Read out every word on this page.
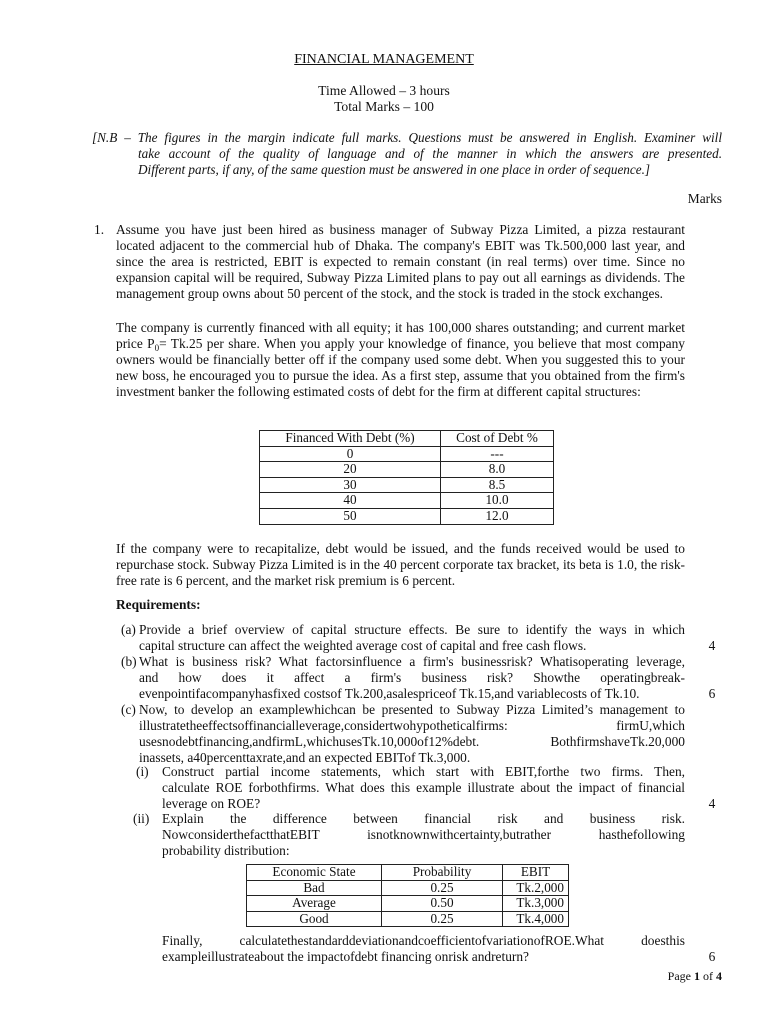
FINANCIAL MANAGEMENT
Time Allowed – 3 hours
Total Marks – 100
[N.B – The figures in the margin indicate full marks. Questions must be answered in English. Examiner will
take account of the quality of language and of the manner in which the answers are presented.
Different parts, if any, of the same question must be answered in one place in order of sequence.]
Marks
1. Assume you have just been hired as business manager of Subway Pizza Limited, a pizza restaurant located adjacent to the commercial hub of Dhaka. The company's EBIT was Tk.500,000 last year, and since the area is restricted, EBIT is expected to remain constant (in real terms) over time. Since no expansion capital will be required, Subway Pizza Limited plans to pay out all earnings as dividends. The management group owns about 50 percent of the stock, and the stock is traded in the stock exchanges.
The company is currently financed with all equity; it has 100,000 shares outstanding; and current market price $P_0= Tk.25$ per share. When you apply your knowledge of finance, you believe that most company owners would be financially better off if the company used some debt. When you suggested this to your new boss, he encouraged you to pursue the idea. As a first step, assume that you obtained from the firm's investment banker the following estimated costs of debt for the firm at different capital structures:
Financed With Debt (%)	Cost of Debt %
0	---
20	8.0
30	8.5
40	10.0
50	12.0
If the company were to recapitalize, debt would be issued, and the funds received would be used to repurchase stock. Subway Pizza Limited is in the 40 percent corporate tax bracket, its beta is 1.0, the risk-free rate is 6 percent, and the market risk premium is 6 percent.
Requirements:
(a) Provide a brief overview of capital structure effects. Be sure to identify the ways in which
capital structure can affect the weighted average cost of capital and free cash flows.	4
(b) What is business risk? What factorsinfluence a firm's businessrisk? Whatisoperating leverage,
and how does it affect a firm's business risk? Showthe operatingbreak-
evenpointifacompanyhasfixed costsof Tk.200,asalespriceof Tk.15,and variablecosts of Tk.10.	6
(c) Now, to develop an examplewhichcan be presented to Subway Pizza Limited’s management to
illustratetheeffectsoffinancialleverage,considertwohypotheticalfirms: firmU,which
usesnodebtfinancing,andfirmL,whichusesTk.10,000of12%debt. BothfirmshaveTk.20,000
inassets, a40percenttaxrate,and an expected EBITof Tk.3,000.
(i) Construct partial income statements, which start with EBIT,forthe two firms. Then,
calculate ROE forbothfirms. What does this example illustrate about the impact of financial
leverage on ROE?	4
(ii) Explain the difference between financial risk and business risk.
NowconsiderthefactthatEBIT isnotknownwithcertainty,butrather hasthefollowing
probability distribution:
Economic State	Probability	EBIT
Bad	0.25	Tk.2,000
Average	0.50	Tk.3,000
Good	0.25	Tk.4,000
Finally, calculatethestandarddeviationandcoefficientofvariationofROE.What doesthis
exampleillustrateabout the impactofdebt financing onrisk andreturn?	6
Page 1 of 4
